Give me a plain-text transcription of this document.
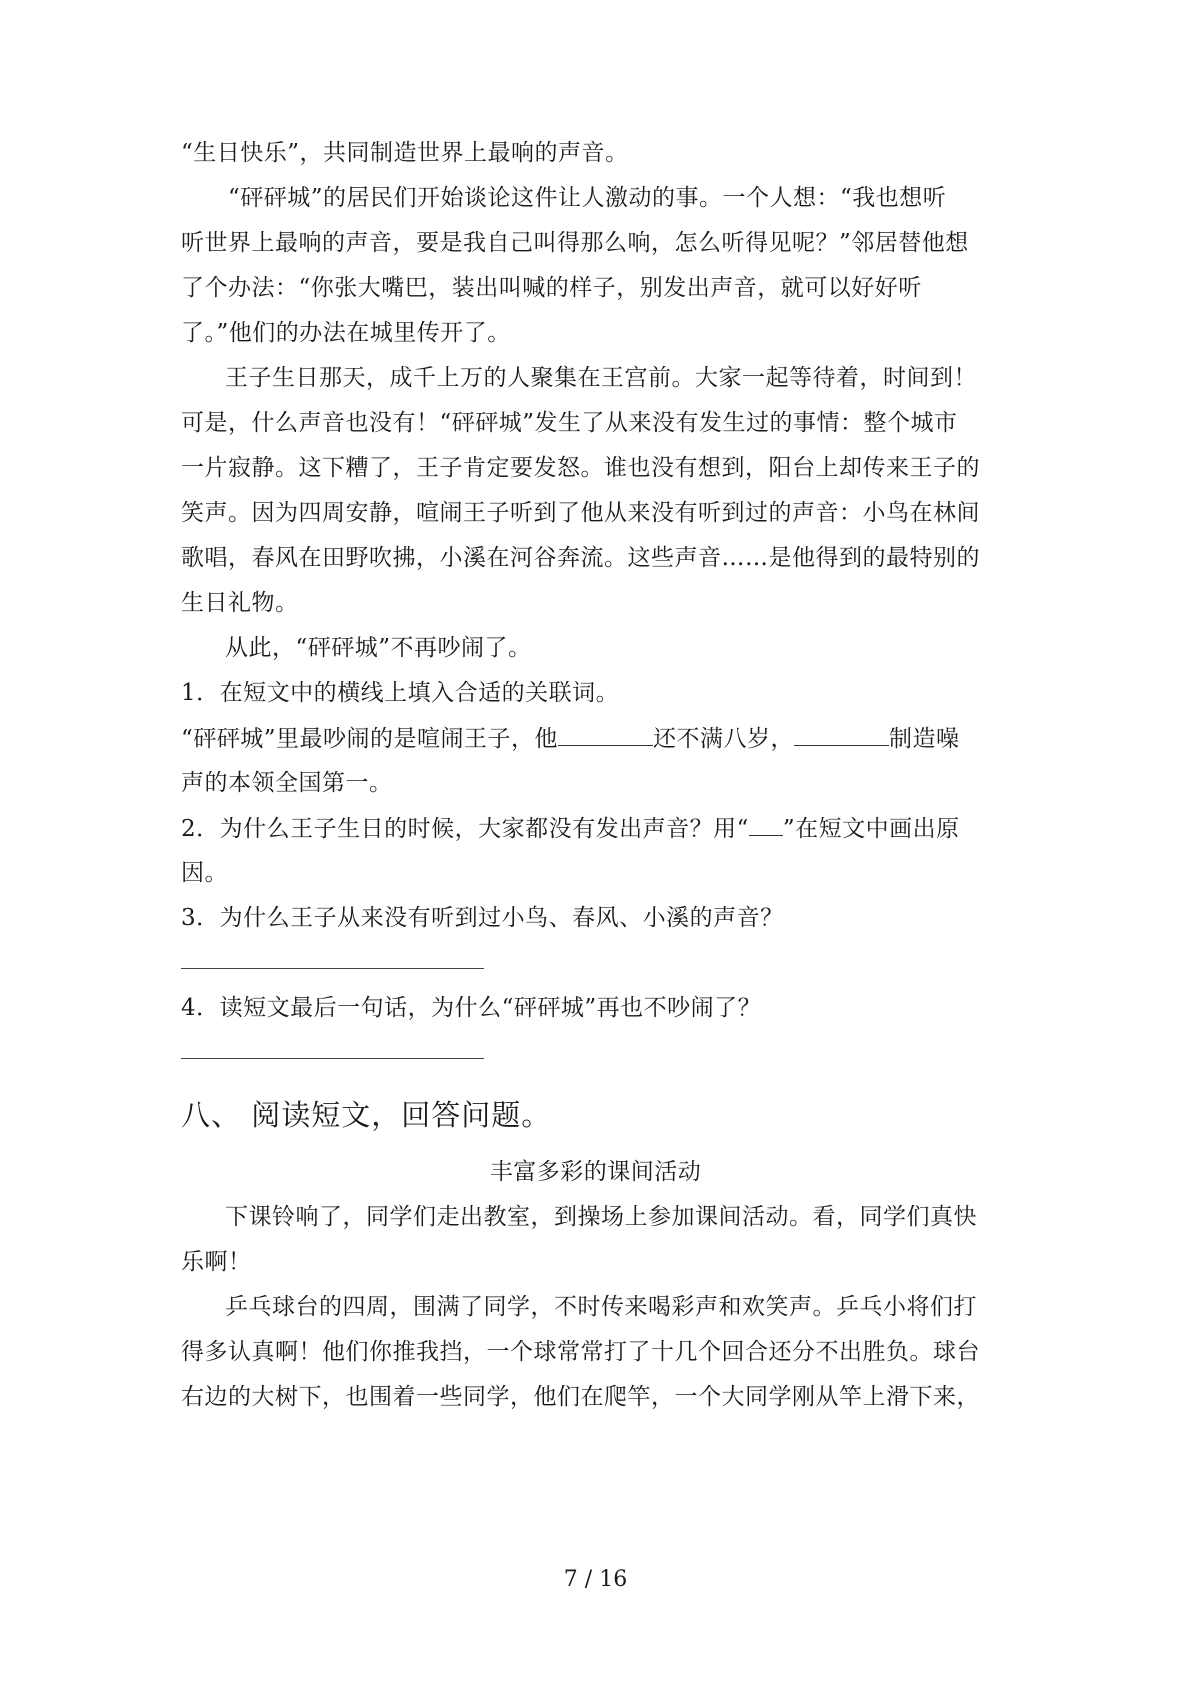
“生日快乐”，共同制造世界上最响的声音。
“砰砰城”的居民们开始谈论这件让人激动的事。一个人想：“我也想听
听世界上最响的声音，要是我自己叫得那么响，怎么听得见呢？”邻居替他想
了个办法：“你张大嘴巴，装出叫喊的样子，别发出声音，就可以好好听
了。”他们的办法在城里传开了。
王子生日那天，成千上万的人聚集在王宫前。大家一起等待着，时间到！
可是，什么声音也没有！“砰砰城”发生了从来没有发生过的事情：整个城市
一片寂静。这下糟了，王子肯定要发怒。谁也没有想到，阳台上却传来王子的
笑声。因为四周安静，喧闹王子听到了他从来没有听到过的声音：小鸟在林间
歌唱，春风在田野吹拂，小溪在河谷奔流。这些声音……是他得到的最特别的
生日礼物。
从此，“砰砰城”不再吵闹了。
1．在短文中的横线上填入合适的关联词。
“砰砰城”里最吵闹的是喧闹王子，他	还不满八岁，	制造噪
声的本领全国第一。
2．为什么王子生日的时候，大家都没有发出声音？用“ ”在短文中画出原
因。
3．为什么王子从来没有听到过小鸟、春风、小溪的声音？
4．读短文最后一句话，为什么“砰砰城”再也不吵闹了？
八、 阅读短文，回答问题。
丰富多彩的课间活动
下课铃响了，同学们走出教室，到操场上参加课间活动。看，同学们真快
乐啊！
乒乓球台的四周，围满了同学，不时传来喝彩声和欢笑声。乒乓小将们打
得多认真啊！他们你推我挡，一个球常常打了十几个回合还分不出胜负。球台
右边的大树下，也围着一些同学，他们在爬竿，一个大同学刚从竿上滑下来，
7 / 16
